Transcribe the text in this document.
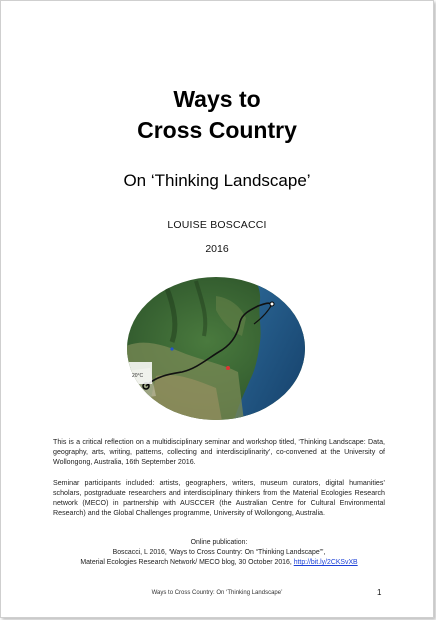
Ways to
Cross Country
On ‘Thinking Landscape’
LOUISE BOSCACCI
2016
20°C
This is a critical reflection on a multidisciplinary seminar and workshop titled, ‘Thinking Landscape: Data, geography, arts, writing, patterns, collecting and interdisciplinarity’, co-convened at the University of Wollongong, Australia, 16th September 2016.
Seminar participants included: artists, geographers, writers, museum curators, digital humanities’ scholars, postgraduate researchers and interdisciplinary thinkers from the Material Ecologies Research network (MECO) in partnership with AUSCCER (the Australian Centre for Cultural Environmental Research) and the Global Challenges programme, University of Wollongong, Australia.
Online publication:
Boscacci, L 2016, ‘Ways to Cross Country: On “Thinking Landscape”’,
Material Ecologies Research Network/ MECO blog, 30 October 2016, http://bit.ly/2CKSvXB
Ways to Cross Country: On ‘Thinking Landscape’	1
